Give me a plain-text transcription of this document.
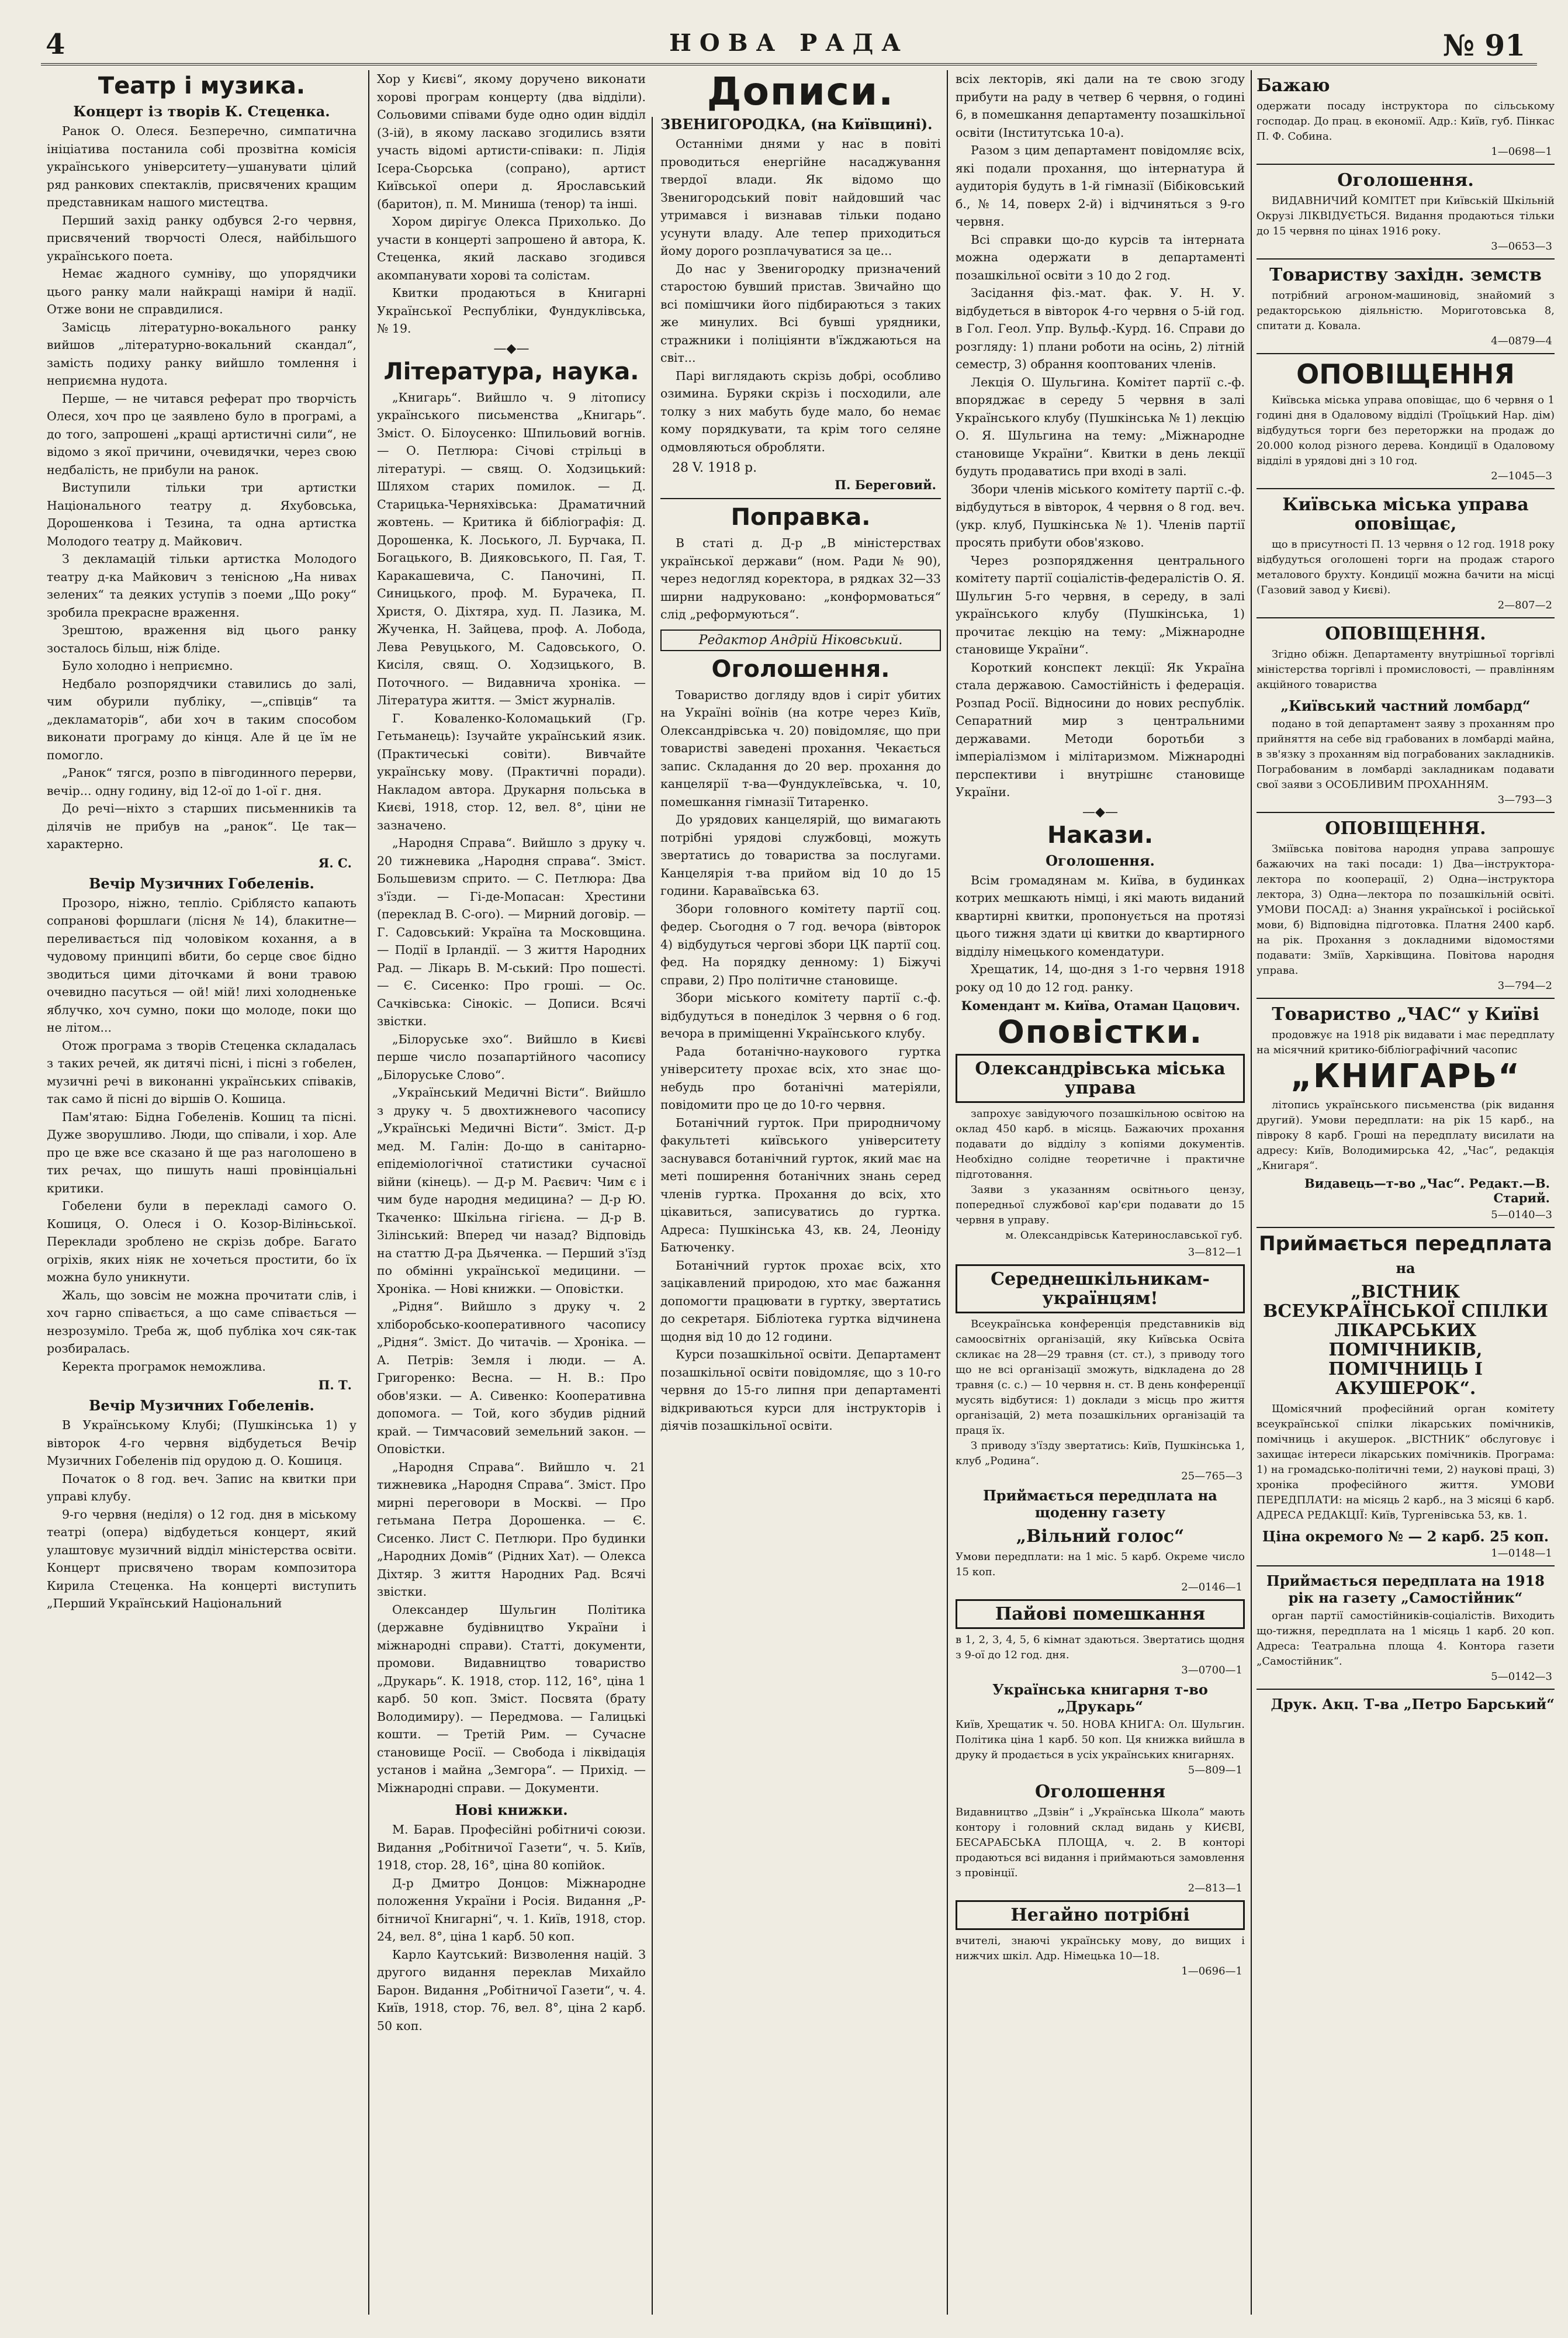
4	НОВА РАДА	№ 91
Театр і музика.
Концерт із творів К. Стеценка.

Ранок О. Олеся. Безперечно, симпатична ініціатива постанила собі прозвітна комісія українського університету—ушанувати цілий ряд ранкових спектаклів, присвячених кращим представникам нашого мистецтва.

Перший захід ранку одбувся 2-го червня, присвячений творчості Олеся, найбільшого українського поета.

Немає жадного сумніву, що упорядчики цього ранку мали найкращі наміри й надії. Отже вони не справдилися.

Замісць літературно-вокального ранку вийшов „літературно-вокальний скандал“, замість подиху ранку вийшло томлення і неприємна нудота.

Перше, — не читався реферат про творчість Олеся, хоч про це заявлено було в програмі, а до того, запрошені „кращі артистичні сили“, не відомо з якої причини, очевидячки, через свою недбалість, не прибули на ранок.

Виступили тільки три артистки Національного театру д. Яхубовська, Дорошенкова і Тезина, та одна артистка Молодого театру д. Майкович.

З декламацій тільки артистка Молодого театру д-ка Майкович з тенісною „На нивах зелених“ та деяких уступів з поеми „Що року“ зробила прекрасне враження.

Зрештою, враження від цього ранку зосталось більш, ніж бліде.

Було холодно і неприємно.

Недбало розпорядчики ставились до залі, чим обурили публіку, —„співців“ та „декламаторів“, аби хоч в таким способом виконати програму до кінця. Але й це їм не помогло.

„Ранок“ тягся, розпо в півгодинного перерви, вечір... одну годину, від 12-ої до 1-ої г. дня.

До речі—ніхто з старших письменників та ділячів не прибув на „ранок“. Це так—характерно.

Я. С.
Вечір Музичних Гобеленів.

Прозоро, ніжно, тепліо. Сріблясто капають сопранові форшлаги (лісня № 14), блакитне—переливається під чоловіком кохання, а в чудовому принципі вбити, бо серце своє бідно зводиться цими діточками й вони травою очевидно пасуться — ой! мій! лихі холодненьке яблучко, хоч сумно, поки що молоде, поки що не літом...

Отож програма з творів Стеценка складалась з таких речей, як дитячі пісні, і пісні з гобелен, музичні речі в виконанні українських співаків, так само й пісні до віршів О. Кошица.

Пам'ятаю: Бідна Гобеленів. Кошиц та пісні. Дуже зворушливо. Люди, що співали, і хор. Але про це вже все сказано й ще раз наголошено в тих речах, що пишуть наші провінціальні критики.

Гобелени були в перекладі самого О. Кошиця, О. Олеся і О. Козор-Віліньської. Переклади зроблено не скрізь добре. Багато огріхів, яких ніяк не хочеться простити, бо їх можна було уникнути.

Жаль, що зовсім не можна прочитати слів, і хоч гарно співається, а що саме співається — незрозуміло. Треба ж, щоб публіка хоч сяк-так розбиралась.

Керекта програмок неможлива.

П. Т.
Вечір Музичних Гобеленів.

В Українському Клубі; (Пушкінська 1) у вівторок 4-го червня відбудеться Вечір Музичних Гобеленів під орудою д. О. Кошиця.

Початок о 8 год. веч. Запис на квитки при управі клубу.

9-го червня (неділя) о 12 год. дня в міському театрі (опера) відбудеться концерт, який улаштовує музичний відділ міністерства освіти. Концерт присвячено творам композитора Кирила Стеценка. На концерті виступить „Перший Український Національний

Хор у Києві“, якому доручено виконати хорові програм концерту (два відділи). Сольовими співами буде одно один відділ (3-ій), в якому ласкаво згодились взяти участь відомі артисти-співаки: п. Лідія Ісера-Сьорська (сопрано), артист Київської опери д. Ярославський (баритон), п. М. Миниша (тенор) та інші.

Хором дирігує Олекса Прихолько. До участи в концерті запрошено й автора, К. Стеценка, який ласкаво згодився акомпанувати хорові та солістам.

Квитки продаються в Книгарні Української Республіки, Фундуклівська, № 19.

—◆—
Література, наука.

„Книгарь“. Вийшло ч. 9 літопису українського письменства „Книгарь“. Зміст. О. Білоусенко: Шпильовий вогнів. — О. Петлюра: Січові стрільці в літературі. — свящ. О. Ходзицький: Шляхом старих помилок. — Д. Старицька-Черняхівська: Драматичний жовтень. — Критика й бібліографія: Д. Дорошенка, К. Лоського, Л. Бурчака, П. Богацького, В. Дияковського, П. Гая, Т. Каракашевича, С. Паночині, П. Синицького, проф. М. Бурачека, П. Христя, О. Діхтяра, худ. П. Лазика, М. Жученка, Н. Зайцева, проф. А. Лобода, Лева Ревуцького, М. Садовського, О. Кисіля, свящ. О. Ходзицького, В. Поточного. — Видавнича хроніка. — Література життя. — Зміст журналів.

Г. Коваленко-Коломацький (Гр. Гетьманець): Ізучайте український язик. (Практичеські совіти). Вивчайте українську мову. (Практичні поради). Накладом автора. Друкарня польська в Києві, 1918, стор. 12, вел. 8°, ціни не зазначено.

„Народня Справа“. Вийшло з друку ч. 20 тижневика „Народня справа“. Зміст. Большевизм сприто. — С. Петлюра: Два з'їзди. — Гі-де-Мопасан: Хрестини (переклад В. С-ого). — Мирний договір. — Г. Садовський: Україна та Московщина. — Події в Ірландії. — З життя Народних Рад. — Лікарь В. М-ський: Про пошесті. — Є. Сисенко: Про гроші. — Ос. Сачківська: Сінокіс. — Дописи. Всячі звістки.

„Білоруське эхо“. Вийшло в Києві перше число позапартійного часопису „Білоруське Слово“.

„Український Медичні Вісти“. Вийшло з друку ч. 5 двохтижневого часопису „Українські Медичні Вісти“. Зміст. Д-р мед. М. Галін: До-що в санітарно-епідеміологічної статистики сучасної війни (кінець). — Д-р М. Раєвич: Чим є і чим буде народня медицина? — Д-р Ю. Ткаченко: Шкільна гігієна. — Д-р В. Зілінський: Вперед чи назад? Відповідь на статтю Д-ра Дьяченка. — Перший з'їзд по обмінні української медицини. — Хроніка. — Нові книжки. — Оповістки.

„Рідня“. Вийшло з друку ч. 2 хліборобсько-кооперативного часопису „Рідня“. Зміст. До читачів. — Хроніка. — А. Петрів: Земля і люди. — А. Григоренко: Весна. — Н. В.: Про обов'язки. — А. Сивенко: Кооперативна допомога. — Той, кого збудив рідний край. — Тимчасовий земельний закон. — Оповістки.

„Народня Справа“. Вийшло ч. 21 тижневика „Народня Справа“. Зміст. Про мирні переговори в Москві. — Про гетьмана Петра Дорошенка. — Є. Сисенко. Лист С. Петлюри. Про будинки „Народних Домів“ (Рідних Хат). — Олекса Діхтяр. З життя Народних Рад. Всячі звістки.

Олександер Шульгин Політика (державне будівництво України і міжнародні справи). Статті, документи, промови. Видавництво товариство „Друкарь“. К. 1918, стор. 112, 16°, ціна 1 карб. 50 коп. Зміст. Посвята (брату Володимиру). — Передмова. — Галицькі кошти. — Третій Рим. — Сучасне становище Росії. — Свобода і ліквідація установ і майна „Земгора“. — Прихід. — Міжнародні справи. — Документи.

Нові книжки.

М. Барав. Професійні робітничі союзи. Видання „Робітничої Газети“, ч. 5. Київ, 1918, стор. 28, 16°, ціна 80 копійок.

Д-р Дмитро Донцов: Міжнародне положення України і Росія. Видання „Р-бітничої Книгарні“, ч. 1. Київ, 1918, стор. 24, вел. 8°, ціна 1 карб. 50 коп.

Карло Каутський: Визволення націй. З другого видання переклав Михайло Барон. Видання „Робітничої Газети“, ч. 4. Київ, 1918, стор. 76, вел. 8°, ціна 2 карб. 50 коп.

Дописи.
ЗВЕНИГОРОДКА, (на Київщині).

Останніми днями у нас в повіті проводиться енергійне насаджування твердої влади. Як відомо що Звенигородський повіт найдовший час утримався і визнавав тільки подано усунути владу. Але тепер приходиться йому дорого розплачуватися за це...

До нас у Звенигородку призначений старостою бувший пристав. Звичайно що всі помішчики його підбираються з таких же минулих. Всі бувші урядники, стражники і поліціянти в'їжджаються на світ...

Парі виглядають скрізь добрі, особливо озимина. Буряки скрізь і посходили, але толку з них мабуть буде мало, бо немає кому порядкувати, та крім того селяне одмовляються обробляти.

28 V. 1918 р.
П. Береговий.
Поправка.

В статі д. Д-р „В міністерствах української держави“ (ном. Ради № 90), через недогляд коректора, в рядках 32—33 ширни надруковано: „конформоваться“ слід „реформуються“.

Редактор Андрій Ніковський.
Оголошення.

Товариство догляду вдов і сиріт убитих на Україні воїнів (на котре через Київ, Олександрівська ч. 20) повідомляє, що при товаристві заведені прохання. Чекається запис. Складання до 20 вер. прохання до канцелярії т-ва—Фундуклеївська, ч. 10, помешкання гімназії Титаренко.

До урядових канцелярій, що вимагають потрібні урядові службовці, можуть звертатись до товариства за послугами. Канцелярія т-ва прийом від 10 до 15 години. Караваївська 63.

Збори головного комітету партії соц. федер. Сьогодня о 7 год. вечора (вівторок 4) відбудуться чергові збори ЦК партії соц. фед. На порядку денному: 1) Біжучі справи, 2) Про політичне становище.

Збори міського комітету партії с.-ф. відбудуться в понеділок 3 червня о 6 год. вечора в приміщенні Українського клубу.

Рада ботанічно-наукового гуртка університету прохає всіх, хто знає що-небудь про ботанічні матеріяли, повідомити про це до 10-го червня.

Ботанічний гурток. При природничому факультеті київського університету заснувався ботанічний гурток, який має на меті поширення ботанічних знань серед членів гуртка. Прохання до всіх, хто цікавиться, записуватись до гуртка. Адреса: Пушкінська 43, кв. 24, Леоніду Батюченку.

Ботанічний гурток прохає всіх, хто зацікавлений природою, хто має бажання допомогти працювати в гуртку, звертатись до секретаря. Бібліотека гуртка відчинена щодня від 10 до 12 години.

Курси позашкільної освіти. Департамент позашкільної освіти повідомляє, що з 10-го червня до 15-го липня при департаменті відкриваються курси для інструкторів і діячів позашкільної освіти.

всіх лекторів, які дали на те свою згоду прибути на раду в четвер 6 червня, о годині 6, в помешкання департаменту позашкільної освіти (Інститутська 10-а).

Разом з цим департамент повідомляє всіх, які подали прохання, що інтернатура й аудиторія будуть в 1-й гімназії (Бібіковський б., № 14, поверх 2-й) і відчиняться з 9-го червня.

Всі справки що-до курсів та інтерната можна одержати в департаменті позашкільної освіти з 10 до 2 год.

Засідання фіз.-мат. фак. У. Н. У. відбудеться в вівторок 4-го червня о 5-ій год. в Гол. Геол. Упр. Вульф.-Курд. 16. Справи до розгляду: 1) плани роботи на осінь, 2) літній семестр, 3) обрання кооптованих членів.

Лекція О. Шульгина. Комітет партії с.-ф. впоряджає в середу 5 червня в залі Українського клубу (Пушкінська № 1) лекцію О. Я. Шульгина на тему: „Міжнародне становище України“. Квитки в день лекції будуть продаватись при вході в залі.

Збори членів міського комітету партії с.-ф. відбудуться в вівторок, 4 червня о 8 год. веч. (укр. клуб, Пушкінська № 1). Членів партії просять прибути обов'язково.

Через розпорядження центрального комітету партії соціалістів-федералістів О. Я. Шульгин 5-го червня, в середу, в залі українського клубу (Пушкінська, 1) прочитає лекцію на тему: „Міжнародне становище України“.

Короткий конспект лекції: Як Україна стала державою. Самостійність і федерація. Розпад Росії. Відносини до нових республік. Сепаратний мир з центральними державами. Методи боротьби з імперіалізмом і мілітаризмом. Міжнародні перспективи і внутрішнє становище України.

—◆—
Накази.
Оголошення.

Всім громадянам м. Київа, в будинках котрих мешкають німці, і які мають виданий квартирні квитки, пропонується на протязі цього тижня здати ці квитки до квартирного відділу німецького комендатури.

Хрещатик, 14, що-дня з 1-го червня 1918 року од 10 до 12 год. ранку.

Комендант м. Київа, Отаман Цацович.
Оповістки.
Олександрівська міська управа

запрохує завідуючого позашкільною освітою на оклад 450 карб. в місяць. Бажаючих прохання подавати до відділу з копіями документів. Необхідно соліднe теоретичне і практичне підготовання.

Заяви з указанням освітнього цензу, попередньої службової кар'єри подавати до 15 червня в управу.

м. Олександрівськ Катеринославської губ.
3—812—1
Середнешкільникам-українцям!

Всеукраїнська конференція представників від самоосвітніх організацій, яку Київська Освіта скликає на 28—29 травня (ст. ст.), з приводу того що не всі організації зможуть, відкладена до 28 травня (с. с.) — 10 червня н. ст. В день конференції мусять відбутися: 1) доклади з місць про життя організацій, 2) мета позашкільних організацій та праця їх.

З приводу з'їзду звертатись: Київ, Пушкінська 1, клуб „Родина“.

25—765—3
Приймається передплата на щоденну газету
„Вільний голос“

Умови передплати: на 1 міс. 5 карб. Окреме число 15 коп.

2—0146—1
Пайові помешкання

в 1, 2, 3, 4, 5, 6 кімнат здаються. Звертатись щодня з 9-ої до 12 год. дня.

3—0700—1
Українська книгарня т-во „Друкарь“

Київ, Хрещатик ч. 50. НОВА КНИГА: Ол. Шульгин. Політика ціна 1 карб. 50 коп. Ця книжка вийшла в друку й продається в усіх українських книгарнях.

5—809—1
Оголошення

Видавництво „Дзвін“ і „Українська Школа“ мають контору і головний склад видань у КИЄВІ, БЕСАРАБСЬКА ПЛОЩА, ч. 2. В конторі продаються всі видання і приймаються замовлення з провінції.

2—813—1
Негайно потрібні

вчителі, знаючі українську мову, до вищих і нижчих шкіл. Адр. Німецька 10—18.

1—0696—1
Бажаю

одержати посаду інструктора по сільському господар. До прац. в економії. Адр.: Київ, губ. Пінкас П. Ф. Собина.

1—0698—1
Оголошення.

ВИДАВНИЧИЙ КОМІТЕТ при Київській Шкільній Окрузі ЛІКВІДУЄТЬСЯ. Видання продаються тільки до 15 червня по цінах 1916 року.

3—0653—3
Товариству західн. земств

потрібний агроном-машиновід, знайомий з редакторською діяльністю. Мориготовська 8, спитати д. Ковала.

4—0879—4
ОПОВІЩЕННЯ

Київська міська управа оповіщає, що 6 червня о 1 годині дня в Одаловому відділі (Троїцький Нар. дім) відбудуться торги без переторжки на продаж до 20.000 колод різного дерева. Кондиції в Одаловому відділі в урядові дні з 10 год.

2—1045—3
Київська міська управа оповіщає,

що в присутності П. 13 червня о 12 год. 1918 року відбудуться оголошені торги на продаж старого металового брухту. Кондиції можна бачити на місці (Газовий завод у Києві).

2—807—2
ОПОВІЩЕННЯ.

Згідно обіжн. Департаменту внутрішньої торгівлі міністерства торгівлі і промисловості, — правлінням акційного товариства

„Київський частний ломбард“

подано в той департамент заяву з проханням про прийняття на себе від грабованих в ломбарді майна, в зв'язку з проханням від пограбованих закладників. Пограбованим в ломбарді закладникам подавати свої заяви з ОСОБЛИВИМ ПРОХАННЯМ.

3—793—3
ОПОВІЩЕННЯ.

Зміївська повітова народня управа запрошує бажаючих на такі посади: 1) Два—інструктора-лектора по кооперації, 2) Одна—інструктора лектора, 3) Одна—лектора по позашкільній освіті. УМОВИ ПОСАД: а) Знання української і російської мови, б) Відповідна підготовка. Платня 2400 карб. на рік. Прохання з докладними відомостями подавати: Зміїв, Харківщина. Повітова народня управа.

3—794—2
Товариство „ЧАС“ у Київі

продовжує на 1918 рік видавати і має передплату на місячний критико-бібліографічний часопис

„КНИГАРЬ“

літопись українського письменства (рік видання другий). Умови передплати: на рік 15 карб., на півроку 8 карб. Гроші на передплату висилати на адресу: Київ, Володимирська 42, „Час“, редакція „Книгаря“.

Видавець—т-во „Час“. Редакт.—В. Старий.
5—0140—3
Приймається передплата
на
„ВІСТНИК ВСЕУКРАЇНСЬКОЇ СПІЛКИ ЛІКАРСЬКИХ ПОМІЧНИКІВ, ПОМІЧНИЦЬ І АКУШЕРОК“.

Щомісячний професійний орган комітету всеукраїнської спілки лікарських помічників, помічниць і акушерок. „ВІСТНИК“ обслуговує і захищає інтереси лікарських помічників. Програма: 1) на громадсько-політичні теми, 2) наукові праці, 3) хроніка професійного життя. УМОВИ ПЕРЕДПЛАТИ: на місяць 2 карб., на 3 місяці 6 карб. АДРЕСА РЕДАКЦІЇ: Київ, Тургенівська 53, кв. 1.

Ціна окремого № — 2 карб. 25 коп.
1—0148—1
Приймається передплата на 1918 рік на газету „Самостійник“

орган партії самостійників-соціалістів. Виходить що-тижня, передплата на 1 місяць 1 карб. 20 коп. Адреса: Театральна площа 4. Контора газети „Самостійник“.

5—0142—3
Друк. Акц. Т-ва „Петро Барський“
